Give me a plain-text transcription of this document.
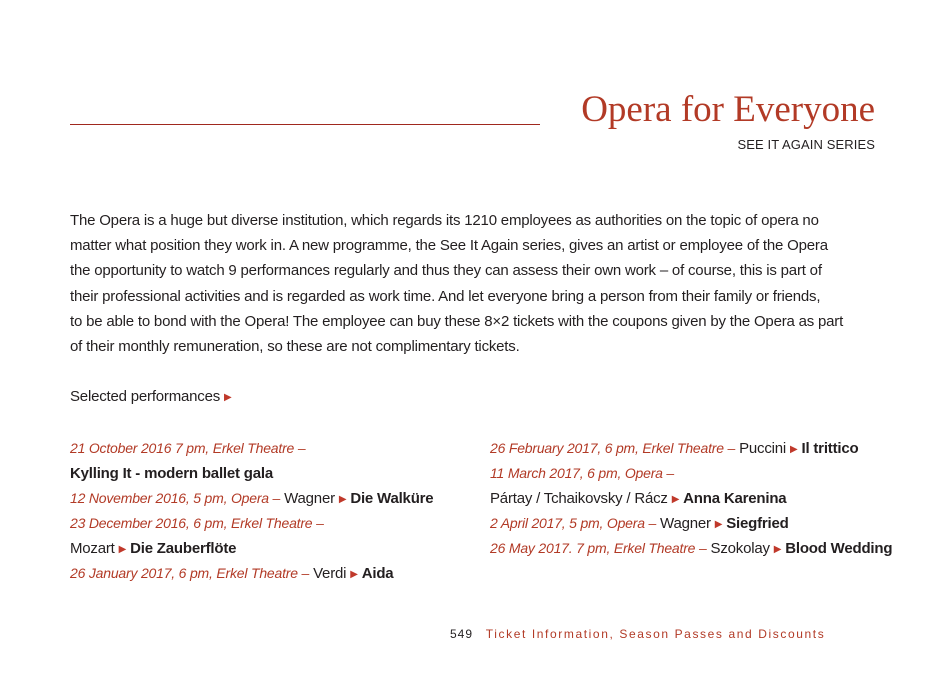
Opera for Everyone
SEE IT AGAIN SERIES
The Opera is a huge but diverse institution, which regards its 1210 employees as authorities on the topic of opera no
matter what position they work in. A new programme, the See It Again series, gives an artist or employee of the Opera
the opportunity to watch 9 performances regularly and thus they can assess their own work – of course, this is part of
their professional activities and is regarded as work time. And let everyone bring a person from their family or friends,
to be able to bond with the Opera! The employee can buy these 8×2 tickets with the coupons given by the Opera as part
of their monthly remuneration, so these are not complimentary tickets.
Selected performances ▶
21 October 2016 7 pm, Erkel Theatre –
Kylling It - modern ballet gala
12 November 2016, 5 pm, Opera – Wagner ▶ Die Walküre
23 December 2016, 6 pm, Erkel Theatre –
Mozart ▶ Die Zauberflöte
26 January 2017, 6 pm, Erkel Theatre – Verdi ▶ Aida
26 February 2017, 6 pm, Erkel Theatre – Puccini ▶ Il trittico
11 March 2017, 6 pm, Opera –
Pártay / Tchaikovsky / Rácz ▶ Anna Karenina
2 April 2017, 5 pm, Opera – Wagner ▶ Siegfried
26 May 2017. 7 pm, Erkel Theatre – Szokolay ▶ Blood Wedding
549 Ticket Information, Season Passes and Discounts
